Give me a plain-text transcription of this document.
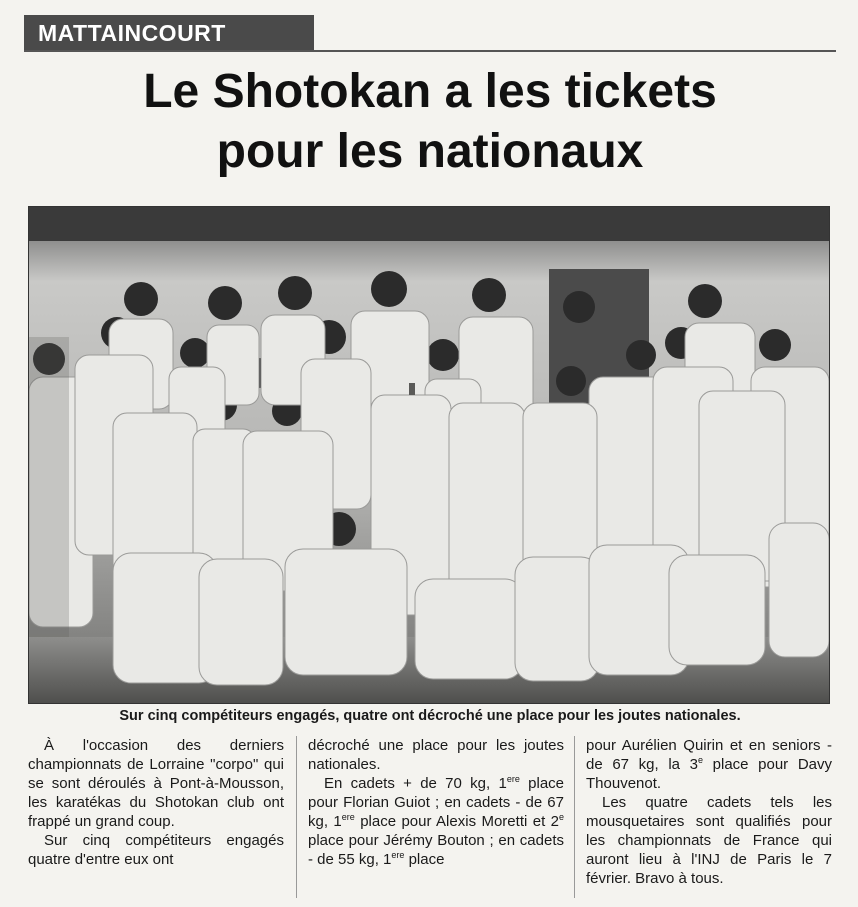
MATTAINCOURT
Le Shotokan a les tickets
pour les nationaux
Sur cinq compétiteurs engagés, quatre ont décroché une place pour les joutes nationales.

À l'occasion des derniers championnats de Lorraine "corpo" qui se sont déroulés à Pont-à-Mousson, les karatékas du Shotokan club ont frappé un grand coup.

Sur cinq compétiteurs engagés quatre d'entre eux ont

décroché une place pour les joutes nationales.

En cadets + de 70 kg, 1ere place pour Florian Guiot ; en cadets - de 67 kg, 1ere place pour Alexis Moretti et 2e place pour Jérémy Bouton ; en cadets - de 55 kg, 1ere place

pour Aurélien Quirin et en seniors - de 67 kg, la 3e place pour Davy Thouvenot.

Les quatre cadets tels les mousquetaires sont qualifiés pour les championnats de France qui auront lieu à l'INJ de Paris le 7 février. Bravo à tous.
